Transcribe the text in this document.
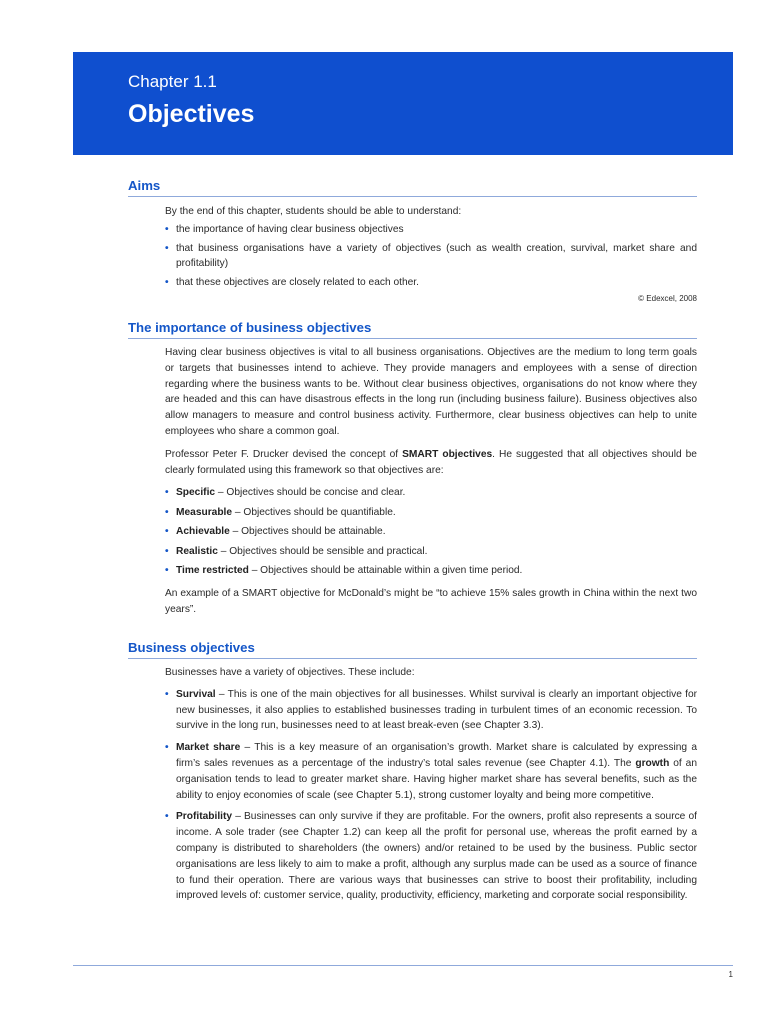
Chapter 1.1
Objectives
Aims

By the end of this chapter, students should be able to understand:

• the importance of having clear business objectives
• that business organisations have a variety of objectives (such as wealth creation, survival, market share and profitability)
• that these objectives are closely related to each other.
© Edexcel, 2008
The importance of business objectives

Having clear business objectives is vital to all business organisations. Objectives are the medium to long term goals or targets that businesses intend to achieve. They provide managers and employees with a sense of direction regarding where the business wants to be. Without clear business objectives, organisations do not know where they are headed and this can have disastrous effects in the long run (including business failure). Business objectives also allow managers to measure and control business activity. Furthermore, clear business objectives can help to unite employees who share a common goal.

Professor Peter F. Drucker devised the concept of SMART objectives. He suggested that all objectives should be clearly formulated using this framework so that objectives are:

• Specific – Objectives should be concise and clear.
• Measurable – Objectives should be quantifiable.
• Achievable – Objectives should be attainable.
• Realistic – Objectives should be sensible and practical.
• Time restricted – Objectives should be attainable within a given time period.

An example of a SMART objective for McDonald’s might be “to achieve 15% sales growth in China within the next two years”.

Business objectives

Businesses have a variety of objectives. These include:

• Survival – This is one of the main objectives for all businesses. Whilst survival is clearly an important objective for new businesses, it also applies to established businesses trading in turbulent times of an economic recession. To survive in the long run, businesses need to at least break-even (see Chapter 3.3).
• Market share – This is a key measure of an organisation’s growth. Market share is calculated by expressing a firm’s sales revenues as a percentage of the industry’s total sales revenue (see Chapter 4.1). The growth of an organisation tends to lead to greater market share. Having higher market share has several benefits, such as the ability to enjoy economies of scale (see Chapter 5.1), strong customer loyalty and being more competitive.
• Profitability – Businesses can only survive if they are profitable. For the owners, profit also represents a source of income. A sole trader (see Chapter 1.2) can keep all the profit for personal use, whereas the profit earned by a company is distributed to shareholders (the owners) and/or retained to be used by the business. Public sector organisations are less likely to aim to make a profit, although any surplus made can be used as a source of finance to fund their operation. There are various ways that businesses can strive to boost their profitability, including improved levels of: customer service, quality, productivity, efficiency, marketing and corporate social responsibility.
1
